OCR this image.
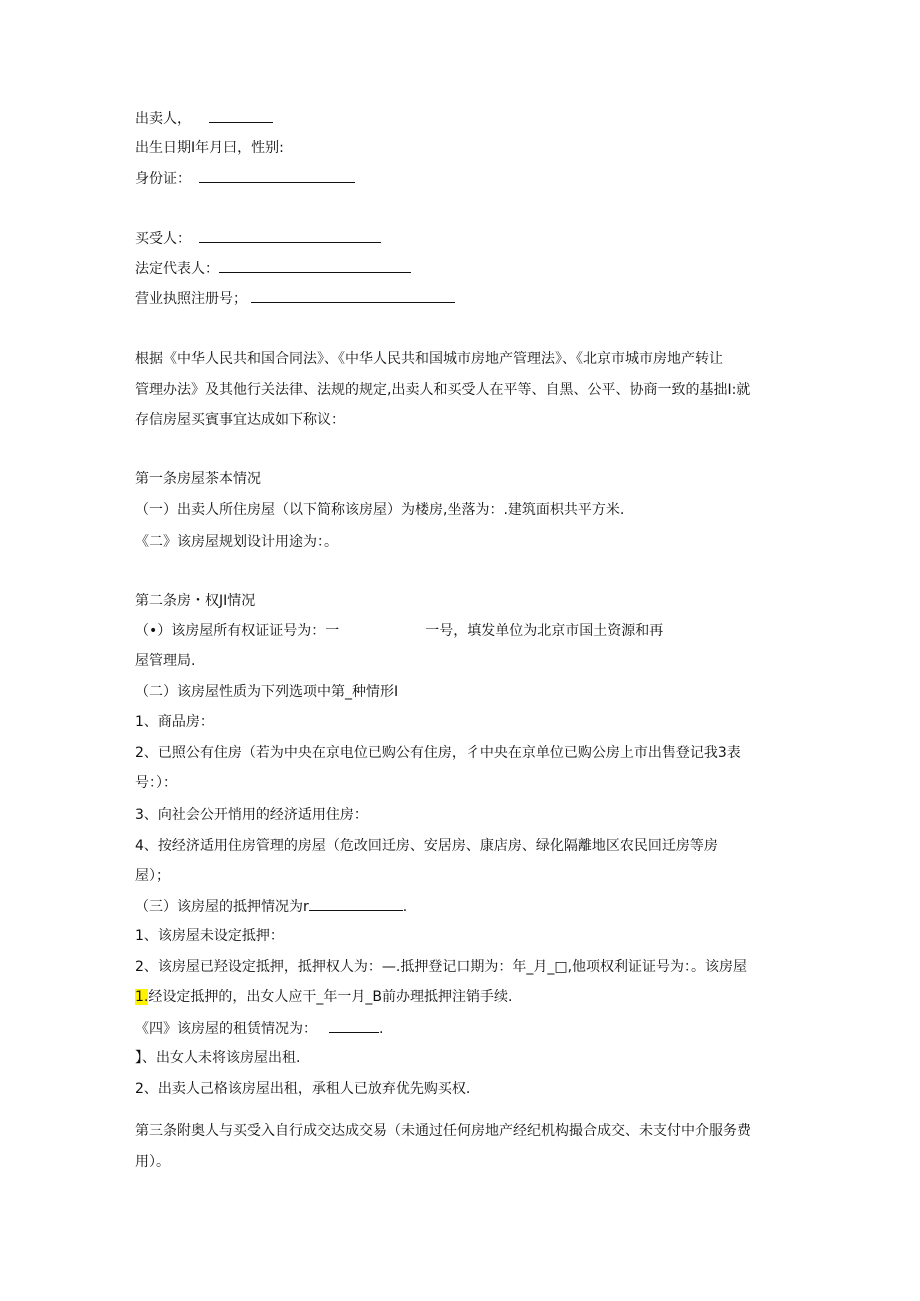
出卖人，
出生日期I年月曰，性别:
身份证：
买受人：
法定代表人：
营业执照注册号；
根据《中华人民共和国合同法》、《中华人民共和国城市房地产管理法》、《北京市城市房地产转让
管理办法》及其他行关法律、法规的规定,出卖人和买受人在平等、自黑、公平、协商一致的基拙I:就
存信房屋买賓事宜达成如下称议：
第一条房屋茶本情况
（一）出卖人所住房屋（以下简称该房屋）为楼房,坐落为：.建筑面枳共平方米.
《二》该房屋规划设计用途为：。
第二条房・权JI情况
（•）该房屋所有权证证号为：一	一号，填发单位为北京市国土资源和再
屋管理局.
（二）该房屋性质为下列选项中第_种情形I
1、商品房：
2、已照公有住房（若为中央在京电位已购公有住房，彳中央在京单位已购公房上市出售登记我3表
号：）：
3、向社会公开悄用的经济适用住房：
4、按经济适用住房管理的房屋（危改回迁房、安居房、康店房、绿化隔離地区农民回迁房等房
屋）；
（三）该房屋的抵押情况为r	.
1、该房屋未设定抵押：
2、该房屋已羟设定抵押，抵押权人为：—.抵押登记口期为：年_月_□,他项权利证证号为：。该房屋
1.经设定抵押的，出女人应干_年一月_B前办理抵押注销手续.
《四》该房屋的租赁情况为：	.
】、出女人未将该房屋出租.
2、出卖人己格该房屋出租，承租人已放弃优先购买权.
第三条附奥人与买受入自行成交达成交易（未通过任何房地产经纪机构撮合成交、未支付中介服务费
用）。
